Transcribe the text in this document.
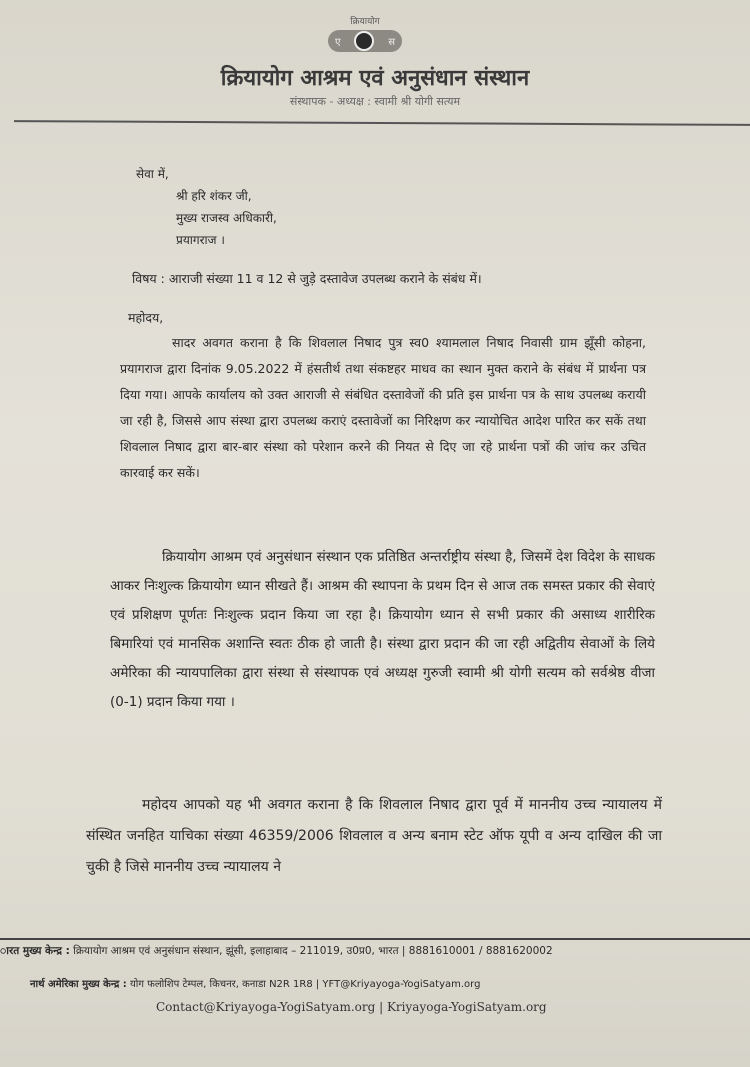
क्रियायोग
ए	स
क्रियायोग आश्रम एवं अनुसंधान संस्थान
संस्थापक - अध्यक्ष : स्वामी श्री योगी सत्यम
सेवा में,
श्री हरि शंकर जी,
मुख्य राजस्व अधिकारी,
प्रयागराज ।
विषय : आराजी संख्या 11 व 12 से जुड़े दस्तावेज उपलब्ध कराने के संबंध में।
महोदय,
सादर अवगत कराना है कि शिवलाल निषाद पुत्र स्व0 श्यामलाल निषाद निवासी ग्राम झूँसी कोहना, प्रयागराज द्वारा दिनांक 9.05.2022 में हंसतीर्थ तथा संकष्टहर माधव का स्थान मुक्त कराने के संबंध में प्रार्थना पत्र दिया गया। आपके कार्यालय को उक्त आराजी से संबंधित दस्तावेजों की प्रति इस प्रार्थना पत्र के साथ उपलब्ध करायी जा रही है, जिससे आप संस्था द्वारा उपलब्ध कराएं दस्तावेजों का निरिक्षण कर न्यायोचित आदेश पारित कर सकें तथा शिवलाल निषाद द्वारा बार-बार संस्था को परेशान करने की नियत से दिए जा रहे प्रार्थना पत्रों की जांच कर उचित कारवाई कर सकें।
क्रियायोग आश्रम एवं अनुसंधान संस्थान एक प्रतिष्ठित अन्तर्राष्ट्रीय संस्था है, जिसमें देश विदेश के साधक आकर निःशुल्क क्रियायोग ध्यान सीखते हैं। आश्रम की स्थापना के प्रथम दिन से आज तक समस्त प्रकार की सेवाएं एवं प्रशिक्षण पूर्णतः निःशुल्क प्रदान किया जा रहा है। क्रियायोग ध्यान से सभी प्रकार की असाध्य शारीरिक बिमारियां एवं मानसिक अशान्ति स्वतः ठीक हो जाती है। संस्था द्वारा प्रदान की जा रही अद्वितीय सेवाओं के लिये अमेरिका की न्यायपालिका द्वारा संस्था से संस्थापक एवं अध्यक्ष गुरुजी स्वामी श्री योगी सत्यम को सर्वश्रेष्ठ वीजा (0-1) प्रदान किया गया ।
महोदय आपको यह भी अवगत कराना है कि शिवलाल निषाद द्वारा पूर्व में माननीय उच्च न्यायालय में संस्थित जनहित याचिका संख्या 46359/2006 शिवलाल व अन्य बनाम स्टेट ऑफ यूपी व अन्य दाखिल की जा चुकी है जिसे माननीय उच्च न्यायालय ने
ारत मुख्य केन्द्र : क्रियायोग आश्रम एवं अनुसंधान संस्थान, झूंसी, इलाहाबाद – 211019, उ0प्र0, भारत | 8881610001 / 8881620002
नार्थ अमेरिका मुख्य केन्द्र : योग फलोशिप टेम्पल, किचनर, कनाडा N2R 1R8 | YFT@Kriyayoga-YogiSatyam.org
Contact@Kriyayoga-YogiSatyam.org | Kriyayoga-YogiSatyam.org
